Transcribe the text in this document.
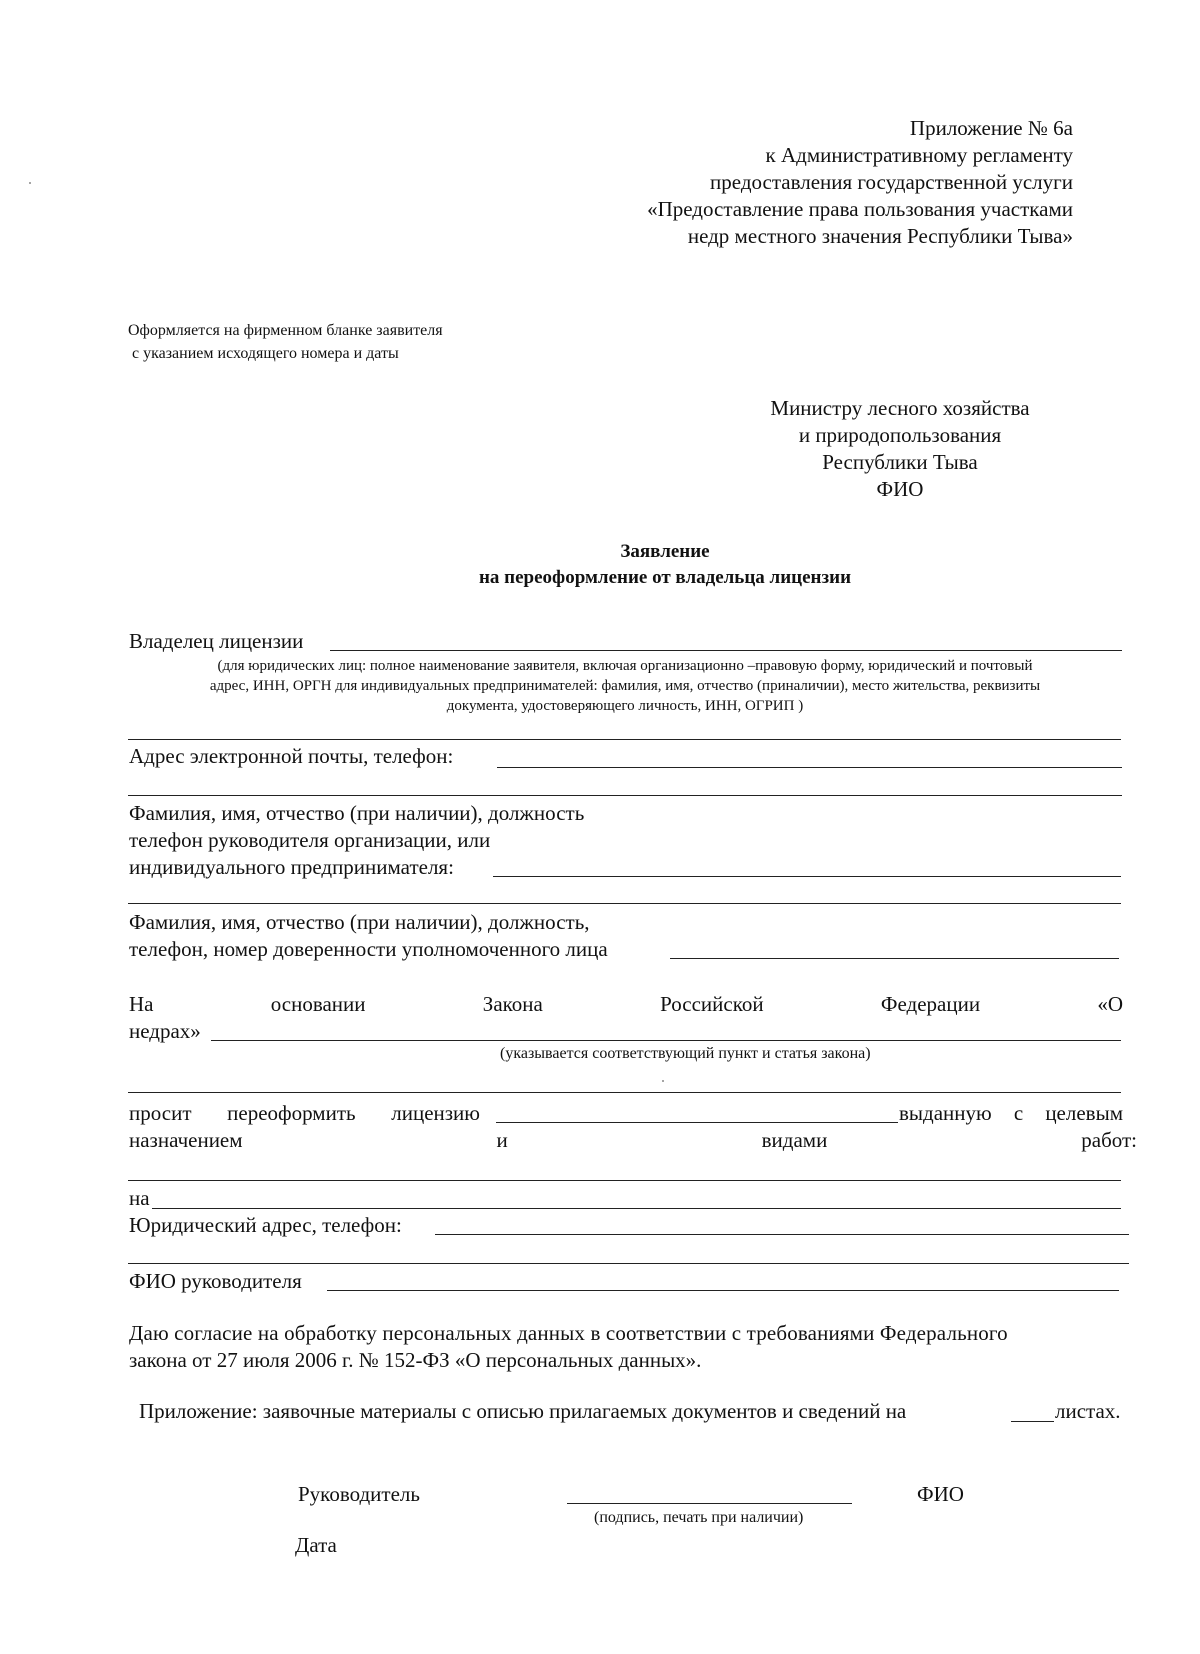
Приложение № 6а
к Административному регламенту
предоставления государственной услуги
«Предоставление права пользования участками
недр местного значения Республики Тыва»
Оформляется на фирменном бланке заявителя
с указанием исходящего номера и даты
Министру лесного хозяйства
и природопользования
Республики Тыва
ФИО
Заявление
на переоформление от владельца лицензии
Владелец лицензии
(для юридических лиц: полное наименование заявителя, включая организационно –правовую форму, юридический и почтовый
адрес, ИНН, ОРГН для индивидуальных предпринимателей: фамилия, имя, отчество (приналичии), место жительства, реквизиты
документа, удостоверяющего личность, ИНН, ОГРИП )
Адрес электронной почты, телефон:
Фамилия, имя, отчество (при наличии), должность
телефон руководителя организации, или
индивидуального предпринимателя:
Фамилия, имя, отчество (при наличии), должность,
телефон, номер доверенности уполномоченного лица
На	основании	Закона	Российской	Федерации	«О
недрах»
(указывается соответствующий пункт и статья закона)
просит переоформить лицензию	выданную с целевым
назначением	и	видами	работ:
на
Юридический адрес, телефон:
ФИО руководителя
Даю согласие на обработку персональных данных в соответствии с требованиями Федерального
закона от 27 июля 2006 г. № 152-ФЗ «О персональных данных».
Приложение: заявочные материалы с описью прилагаемых документов и сведений на	листах.
Руководитель	ФИО
(подпись, печать при наличии)
Дата
